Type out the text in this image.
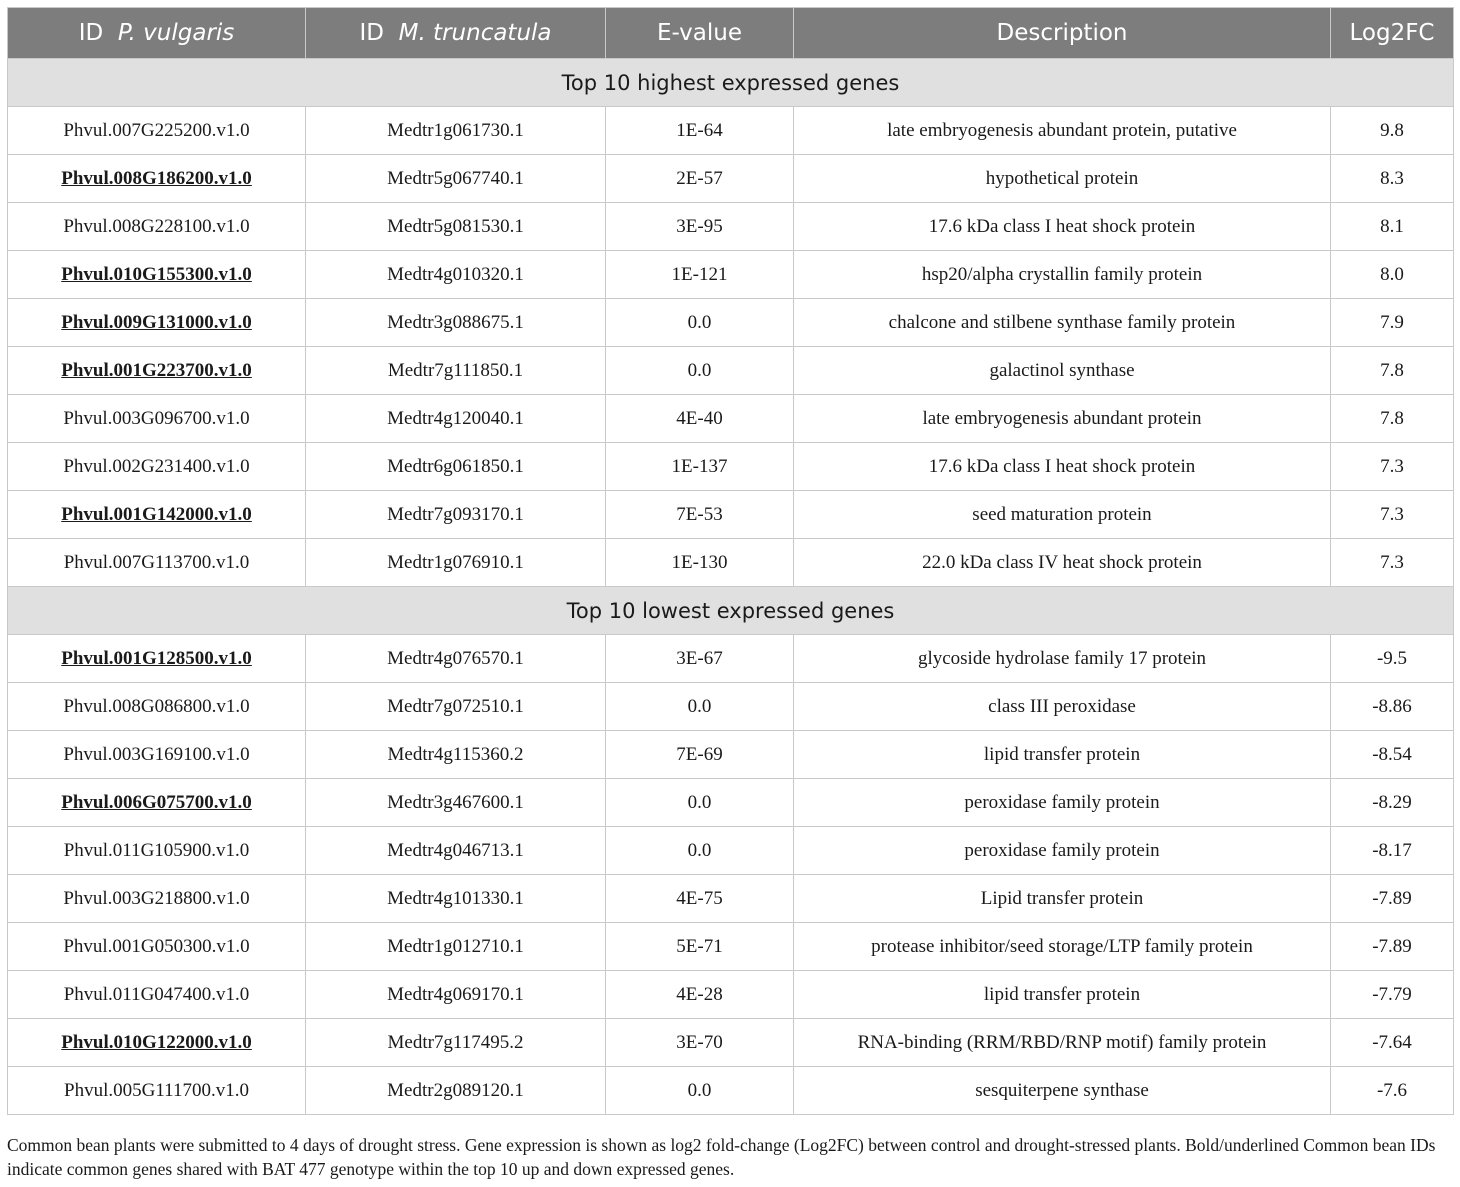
ID P. vulgaris	ID M. truncatula	E-value	Description	Log2FC
Top 10 highest expressed genes				
Phvul.007G225200.v1.0	Medtr1g061730.1	1E-64	late embryogenesis abundant protein, putative	9.8
Phvul.008G186200.v1.0	Medtr5g067740.1	2E-57	hypothetical protein	8.3
Phvul.008G228100.v1.0	Medtr5g081530.1	3E-95	17.6 kDa class I heat shock protein	8.1
Phvul.010G155300.v1.0	Medtr4g010320.1	1E-121	hsp20/alpha crystallin family protein	8.0
Phvul.009G131000.v1.0	Medtr3g088675.1	0.0	chalcone and stilbene synthase family protein	7.9
Phvul.001G223700.v1.0	Medtr7g111850.1	0.0	galactinol synthase	7.8
Phvul.003G096700.v1.0	Medtr4g120040.1	4E-40	late embryogenesis abundant protein	7.8
Phvul.002G231400.v1.0	Medtr6g061850.1	1E-137	17.6 kDa class I heat shock protein	7.3
Phvul.001G142000.v1.0	Medtr7g093170.1	7E-53	seed maturation protein	7.3
Phvul.007G113700.v1.0	Medtr1g076910.1	1E-130	22.0 kDa class IV heat shock protein	7.3
Top 10 lowest expressed genes				
Phvul.001G128500.v1.0	Medtr4g076570.1	3E-67	glycoside hydrolase family 17 protein	-9.5
Phvul.008G086800.v1.0	Medtr7g072510.1	0.0	class III peroxidase	-8.86
Phvul.003G169100.v1.0	Medtr4g115360.2	7E-69	lipid transfer protein	-8.54
Phvul.006G075700.v1.0	Medtr3g467600.1	0.0	peroxidase family protein	-8.29
Phvul.011G105900.v1.0	Medtr4g046713.1	0.0	peroxidase family protein	-8.17
Phvul.003G218800.v1.0	Medtr4g101330.1	4E-75	Lipid transfer protein	-7.89
Phvul.001G050300.v1.0	Medtr1g012710.1	5E-71	protease inhibitor/seed storage/LTP family protein	-7.89
Phvul.011G047400.v1.0	Medtr4g069170.1	4E-28	lipid transfer protein	-7.79
Phvul.010G122000.v1.0	Medtr7g117495.2	3E-70	RNA-binding (RRM/RBD/RNP motif) family protein	-7.64
Phvul.005G111700.v1.0	Medtr2g089120.1	0.0	sesquiterpene synthase	-7.6

Common bean plants were submitted to 4 days of drought stress. Gene expression is shown as log2 fold-change (Log2FC) between control and drought-stressed plants. Bold/underlined Common bean IDs indicate common genes shared with BAT 477 genotype within the top 10 up and down expressed genes.
